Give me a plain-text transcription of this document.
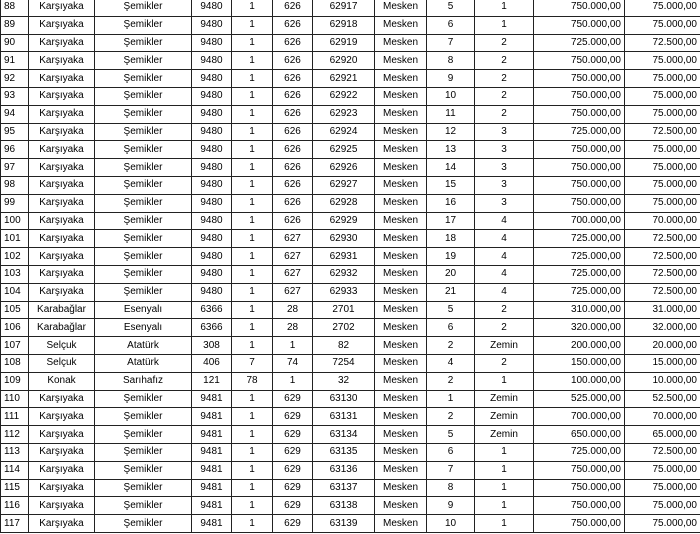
88	Karşıyaka	Şemikler	9480	1	626	62917	Mesken	5	1	750.000,00	75.000,00
89	Karşıyaka	Şemikler	9480	1	626	62918	Mesken	6	1	750.000,00	75.000,00
90	Karşıyaka	Şemikler	9480	1	626	62919	Mesken	7	2	725.000,00	72.500,00
91	Karşıyaka	Şemikler	9480	1	626	62920	Mesken	8	2	750.000,00	75.000,00
92	Karşıyaka	Şemikler	9480	1	626	62921	Mesken	9	2	750.000,00	75.000,00
93	Karşıyaka	Şemikler	9480	1	626	62922	Mesken	10	2	750.000,00	75.000,00
94	Karşıyaka	Şemikler	9480	1	626	62923	Mesken	11	2	750.000,00	75.000,00
95	Karşıyaka	Şemikler	9480	1	626	62924	Mesken	12	3	725.000,00	72.500,00
96	Karşıyaka	Şemikler	9480	1	626	62925	Mesken	13	3	750.000,00	75.000,00
97	Karşıyaka	Şemikler	9480	1	626	62926	Mesken	14	3	750.000,00	75.000,00
98	Karşıyaka	Şemikler	9480	1	626	62927	Mesken	15	3	750.000,00	75.000,00
99	Karşıyaka	Şemikler	9480	1	626	62928	Mesken	16	3	750.000,00	75.000,00
100	Karşıyaka	Şemikler	9480	1	626	62929	Mesken	17	4	700.000,00	70.000,00
101	Karşıyaka	Şemikler	9480	1	627	62930	Mesken	18	4	725.000,00	72.500,00
102	Karşıyaka	Şemikler	9480	1	627	62931	Mesken	19	4	725.000,00	72.500,00
103	Karşıyaka	Şemikler	9480	1	627	62932	Mesken	20	4	725.000,00	72.500,00
104	Karşıyaka	Şemikler	9480	1	627	62933	Mesken	21	4	725.000,00	72.500,00
105	Karabağlar	Esenyalı	6366	1	28	2701	Mesken	5	2	310.000,00	31.000,00
106	Karabağlar	Esenyalı	6366	1	28	2702	Mesken	6	2	320.000,00	32.000,00
107	Selçuk	Atatürk	308	1	1	82	Mesken	2	Zemin	200.000,00	20.000,00
108	Selçuk	Atatürk	406	7	74	7254	Mesken	4	2	150.000,00	15.000,00
109	Konak	Sarıhafız	121	78	1	32	Mesken	2	1	100.000,00	10.000,00
110	Karşıyaka	Şemikler	9481	1	629	63130	Mesken	1	Zemin	525.000,00	52.500,00
111	Karşıyaka	Şemikler	9481	1	629	63131	Mesken	2	Zemin	700.000,00	70.000,00
112	Karşıyaka	Şemikler	9481	1	629	63134	Mesken	5	Zemin	650.000,00	65.000,00
113	Karşıyaka	Şemikler	9481	1	629	63135	Mesken	6	1	725.000,00	72.500,00
114	Karşıyaka	Şemikler	9481	1	629	63136	Mesken	7	1	750.000,00	75.000,00
115	Karşıyaka	Şemikler	9481	1	629	63137	Mesken	8	1	750.000,00	75.000,00
116	Karşıyaka	Şemikler	9481	1	629	63138	Mesken	9	1	750.000,00	75.000,00
117	Karşıyaka	Şemikler	9481	1	629	63139	Mesken	10	1	750.000,00	75.000,00
